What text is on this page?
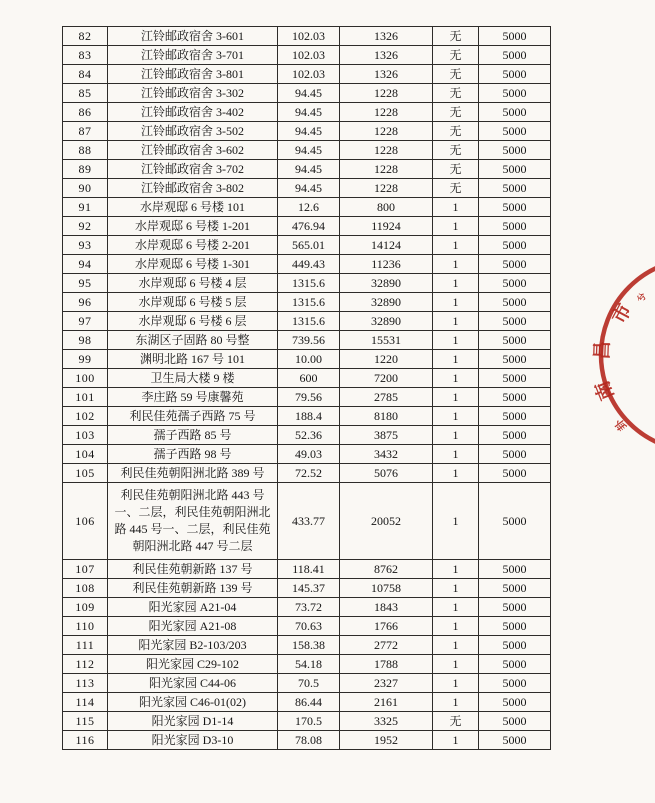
82	江铃邮政宿舍 3-601	102.03	1326	无	5000
83	江铃邮政宿舍 3-701	102.03	1326	无	5000
84	江铃邮政宿舍 3-801	102.03	1326	无	5000
85	江铃邮政宿舍 3-302	94.45	1228	无	5000
86	江铃邮政宿舍 3-402	94.45	1228	无	5000
87	江铃邮政宿舍 3-502	94.45	1228	无	5000
88	江铃邮政宿舍 3-602	94.45	1228	无	5000
89	江铃邮政宿舍 3-702	94.45	1228	无	5000
90	江铃邮政宿舍 3-802	94.45	1228	无	5000
91	水岸观邸 6 号楼 101	12.6	800	1	5000
92	水岸观邸 6 号楼 1-201	476.94	11924	1	5000
93	水岸观邸 6 号楼 2-201	565.01	14124	1	5000
94	水岸观邸 6 号楼 1-301	449.43	11236	1	5000
95	水岸观邸 6 号楼 4 层	1315.6	32890	1	5000
96	水岸观邸 6 号楼 5 层	1315.6	32890	1	5000
97	水岸观邸 6 号楼 6 层	1315.6	32890	1	5000
98	东湖区子固路 80 号整	739.56	15531	1	5000
99	渊明北路 167 号 101	10.00	1220	1	5000
100	卫生局大楼 9 楼	600	7200	1	5000
101	李庄路 59 号康馨苑	79.56	2785	1	5000
102	利民佳苑孺子西路 75 号	188.4	8180	1	5000
103	孺子西路 85 号	52.36	3875	1	5000
104	孺子西路 98 号	49.03	3432	1	5000
105	利民佳苑朝阳洲北路 389 号	72.52	5076	1	5000
106	利民佳苑朝阳洲北路 443 号一、二层，利民佳苑朝阳洲北路 445 号一、二层，利民佳苑朝阳洲北路 447 号二层	433.77	20052	1	5000
107	利民佳苑朝新路 137 号	118.41	8762	1	5000
108	利民佳苑朝新路 139 号	145.37	10758	1	5000
109	阳光家园 A21-04	73.72	1843	1	5000
110	阳光家园 A21-08	70.63	1766	1	5000
111	阳光家园 B2-103/203	158.38	2772	1	5000
112	阳光家园 C29-102	54.18	1788	1	5000
113	阳光家园 C44-06	70.5	2327	1	5000
114	阳光家园 C46-01(02)	86.44	2161	1	5000
115	阳光家园 D1-14	170.5	3325	无	5000
116	阳光家园 D3-10	78.08	1952	1	5000
市
昌
南
兮
卦
